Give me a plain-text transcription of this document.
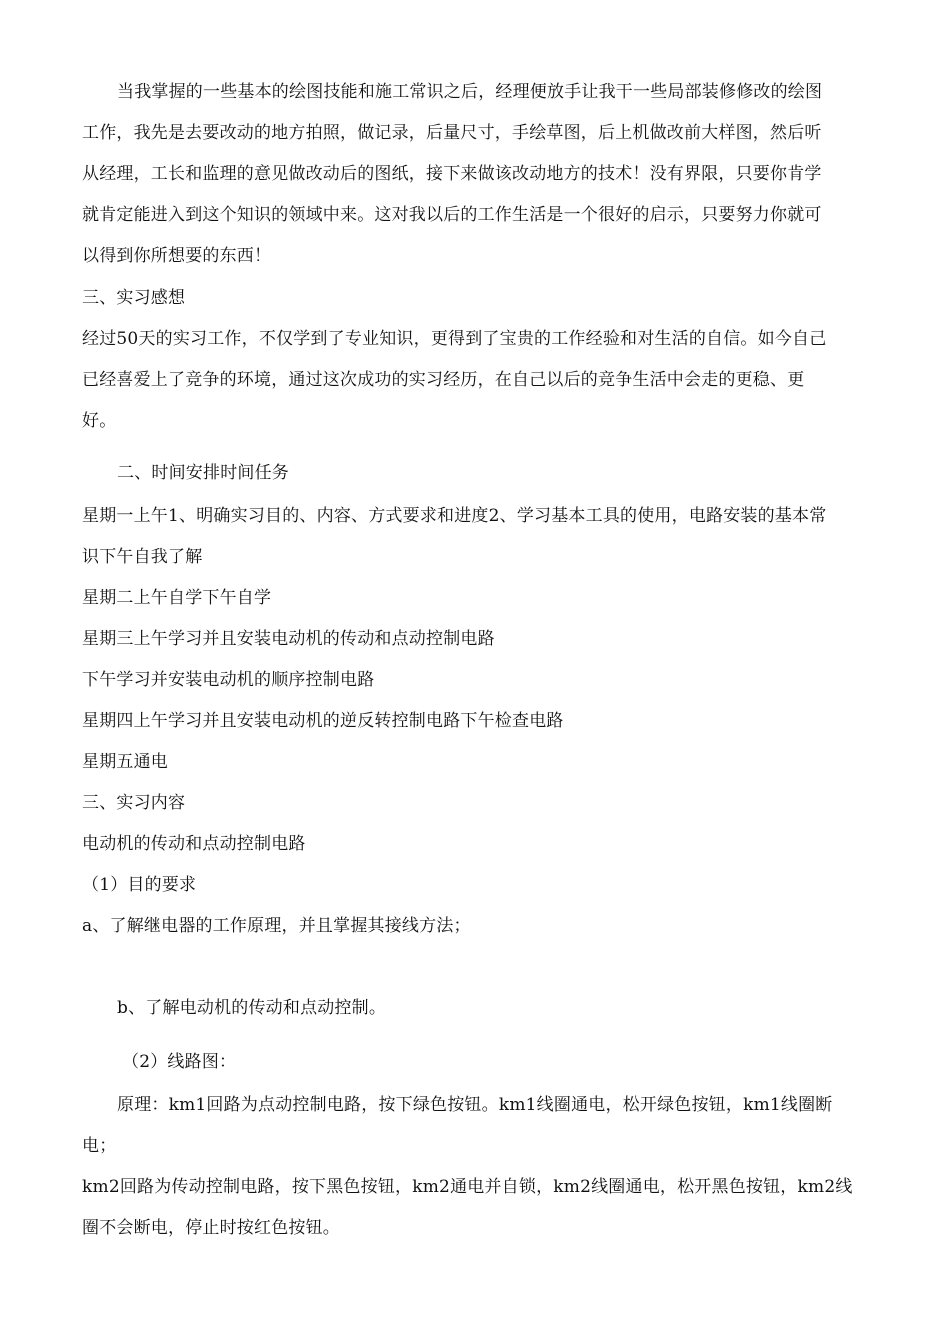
当我掌握的一些基本的绘图技能和施工常识之后，经理便放手让我干一些局部装修修改的绘图
工作，我先是去要改动的地方拍照，做记录，后量尺寸，手绘草图，后上机做改前大样图，然后听
从经理，工长和监理的意见做改动后的图纸，接下来做该改动地方的技术！没有界限，只要你肯学
就肯定能进入到这个知识的领域中来。这对我以后的工作生活是一个很好的启示，只要努力你就可
以得到你所想要的东西！
三、实习感想
经过50天的实习工作，不仅学到了专业知识，更得到了宝贵的工作经验和对生活的自信。如今自己
已经喜爱上了竞争的环境，通过这次成功的实习经历，在自己以后的竞争生活中会走的更稳、更
好。
二、时间安排时间任务
星期一上午1、明确实习目的、内容、方式要求和进度2、学习基本工具的使用，电路安装的基本常
识下午自我了解
星期二上午自学下午自学
星期三上午学习并且安装电动机的传动和点动控制电路
下午学习并安装电动机的顺序控制电路
星期四上午学习并且安装电动机的逆反转控制电路下午检查电路
星期五通电
三、实习内容
电动机的传动和点动控制电路
（1）目的要求
a、了解继电器的工作原理，并且掌握其接线方法；
b、了解电动机的传动和点动控制。
（2）线路图：
原理：km1回路为点动控制电路，按下绿色按钮。km1线圈通电，松开绿色按钮，km1线圈断
电；
km2回路为传动控制电路，按下黑色按钮，km2通电并自锁，km2线圈通电，松开黑色按钮，km2线
圈不会断电，停止时按红色按钮。
